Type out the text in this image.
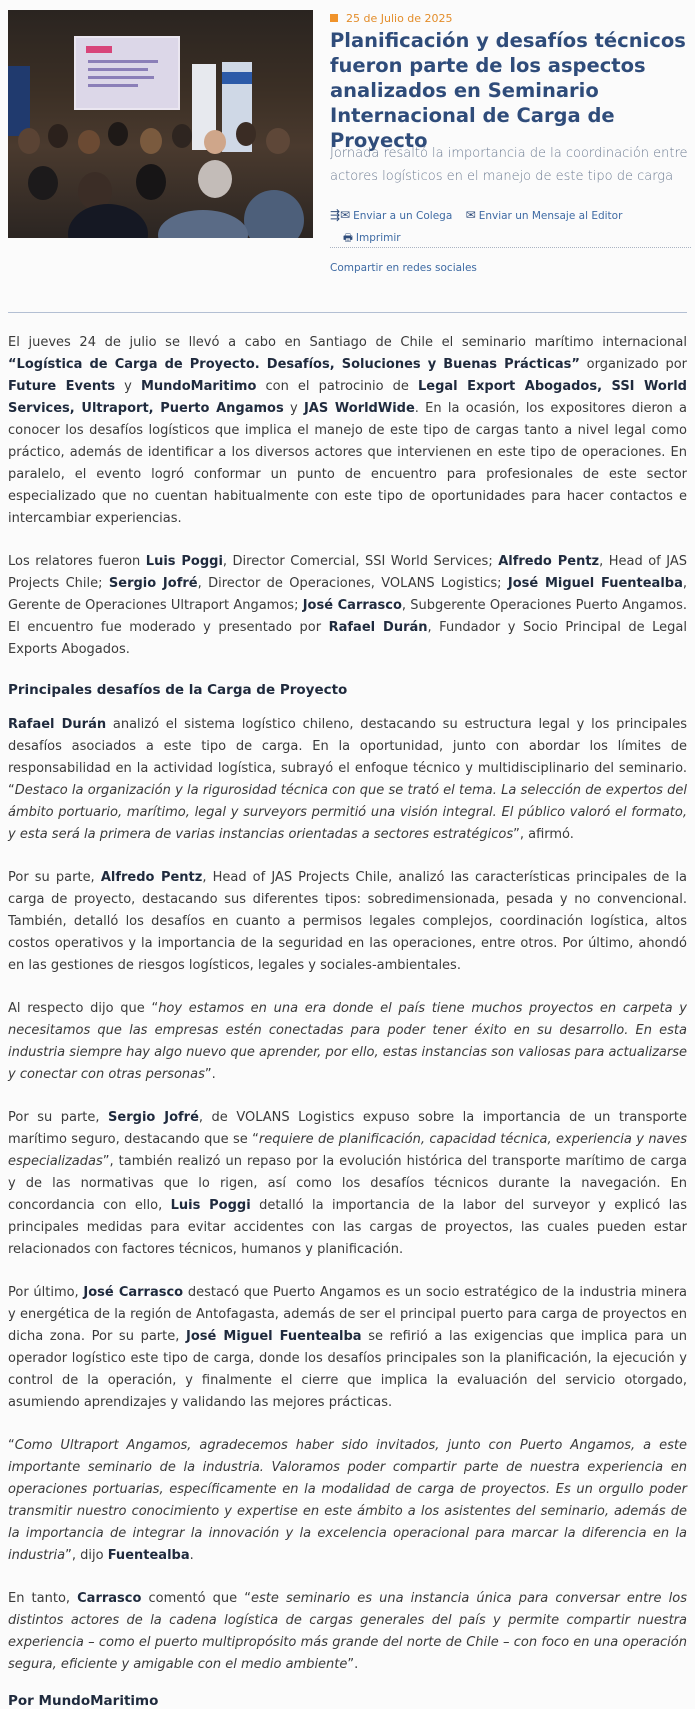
25 de Julio de 2025
Planificación y desafíos técnicos fueron parte de los aspectos analizados en Seminario Internacional de Carga de Proyecto

Jornada resaltó la importancia de la coordinación entre actores logísticos en el manejo de este tipo de carga

⇶✉ Enviar a un Colega ✉ Enviar un Mensaje al Editor
🖶 Imprimir
Compartir en redes sociales

El jueves 24 de julio se llevó a cabo en Santiago de Chile el seminario marítimo internacional “Logística de Carga de Proyecto. Desafíos, Soluciones y Buenas Prácticas” organizado por Future Events y MundoMaritimo con el patrocinio de Legal Export Abogados, SSI World Services, Ultraport, Puerto Angamos y JAS WorldWide. En la ocasión, los expositores dieron a conocer los desafíos logísticos que implica el manejo de este tipo de cargas tanto a nivel legal como práctico, además de identificar a los diversos actores que intervienen en este tipo de operaciones. En paralelo, el evento logró conformar un punto de encuentro para profesionales de este sector especializado que no cuentan habitualmente con este tipo de oportunidades para hacer contactos e intercambiar experiencias.

Los relatores fueron Luis Poggi, Director Comercial, SSI World Services; Alfredo Pentz, Head of JAS Projects Chile; Sergio Jofré, Director de Operaciones, VOLANS Logistics; José Miguel Fuentealba, Gerente de Operaciones Ultraport Angamos; José Carrasco, Subgerente Operaciones Puerto Angamos. El encuentro fue moderado y presentado por Rafael Durán, Fundador y Socio Principal de Legal Exports Abogados.

Principales desafíos de la Carga de Proyecto

Rafael Durán analizó el sistema logístico chileno, destacando su estructura legal y los principales desafíos asociados a este tipo de carga. En la oportunidad, junto con abordar los límites de responsabilidad en la actividad logística, subrayó el enfoque técnico y multidisciplinario del seminario. “Destaco la organización y la rigurosidad técnica con que se trató el tema. La selección de expertos del ámbito portuario, marítimo, legal y surveyors permitió una visión integral. El público valoró el formato, y esta será la primera de varias instancias orientadas a sectores estratégicos”, afirmó.

Por su parte, Alfredo Pentz, Head of JAS Projects Chile, analizó las características principales de la carga de proyecto, destacando sus diferentes tipos: sobredimensionada, pesada y no convencional. También, detalló los desafíos en cuanto a permisos legales complejos, coordinación logística, altos costos operativos y la importancia de la seguridad en las operaciones, entre otros. Por último, ahondó en las gestiones de riesgos logísticos, legales y sociales-ambientales.

Al respecto dijo que “hoy estamos en una era donde el país tiene muchos proyectos en carpeta y necesitamos que las empresas estén conectadas para poder tener éxito en su desarrollo. En esta industria siempre hay algo nuevo que aprender, por ello, estas instancias son valiosas para actualizarse y conectar con otras personas”.

Por su parte, Sergio Jofré, de VOLANS Logistics expuso sobre la importancia de un transporte marítimo seguro, destacando que se “requiere de planificación, capacidad técnica, experiencia y naves especializadas”, también realizó un repaso por la evolución histórica del transporte marítimo de carga y de las normativas que lo rigen, así como los desafíos técnicos durante la navegación. En concordancia con ello, Luis Poggi detalló la importancia de la labor del surveyor y explicó las principales medidas para evitar accidentes con las cargas de proyectos, las cuales pueden estar relacionados con factores técnicos, humanos y planificación.

Por último, José Carrasco destacó que Puerto Angamos es un socio estratégico de la industria minera y energética de la región de Antofagasta, además de ser el principal puerto para carga de proyectos en dicha zona. Por su parte, José Miguel Fuentealba se refirió a las exigencias que implica para un operador logístico este tipo de carga, donde los desafíos principales son la planificación, la ejecución y control de la operación, y finalmente el cierre que implica la evaluación del servicio otorgado, asumiendo aprendizajes y validando las mejores prácticas.

“Como Ultraport Angamos, agradecemos haber sido invitados, junto con Puerto Angamos, a este importante seminario de la industria. Valoramos poder compartir parte de nuestra experiencia en operaciones portuarias, específicamente en la modalidad de carga de proyectos. Es un orgullo poder transmitir nuestro conocimiento y expertise en este ámbito a los asistentes del seminario, además de la importancia de integrar la innovación y la excelencia operacional para marcar la diferencia en la industria”, dijo Fuentealba.

En tanto, Carrasco comentó que “este seminario es una instancia única para conversar entre los distintos actores de la cadena logística de cargas generales del país y permite compartir nuestra experiencia – como el puerto multipropósito más grande del norte de Chile – con foco en una operación segura, eficiente y amigable con el medio ambiente”.

Por MundoMaritimo
